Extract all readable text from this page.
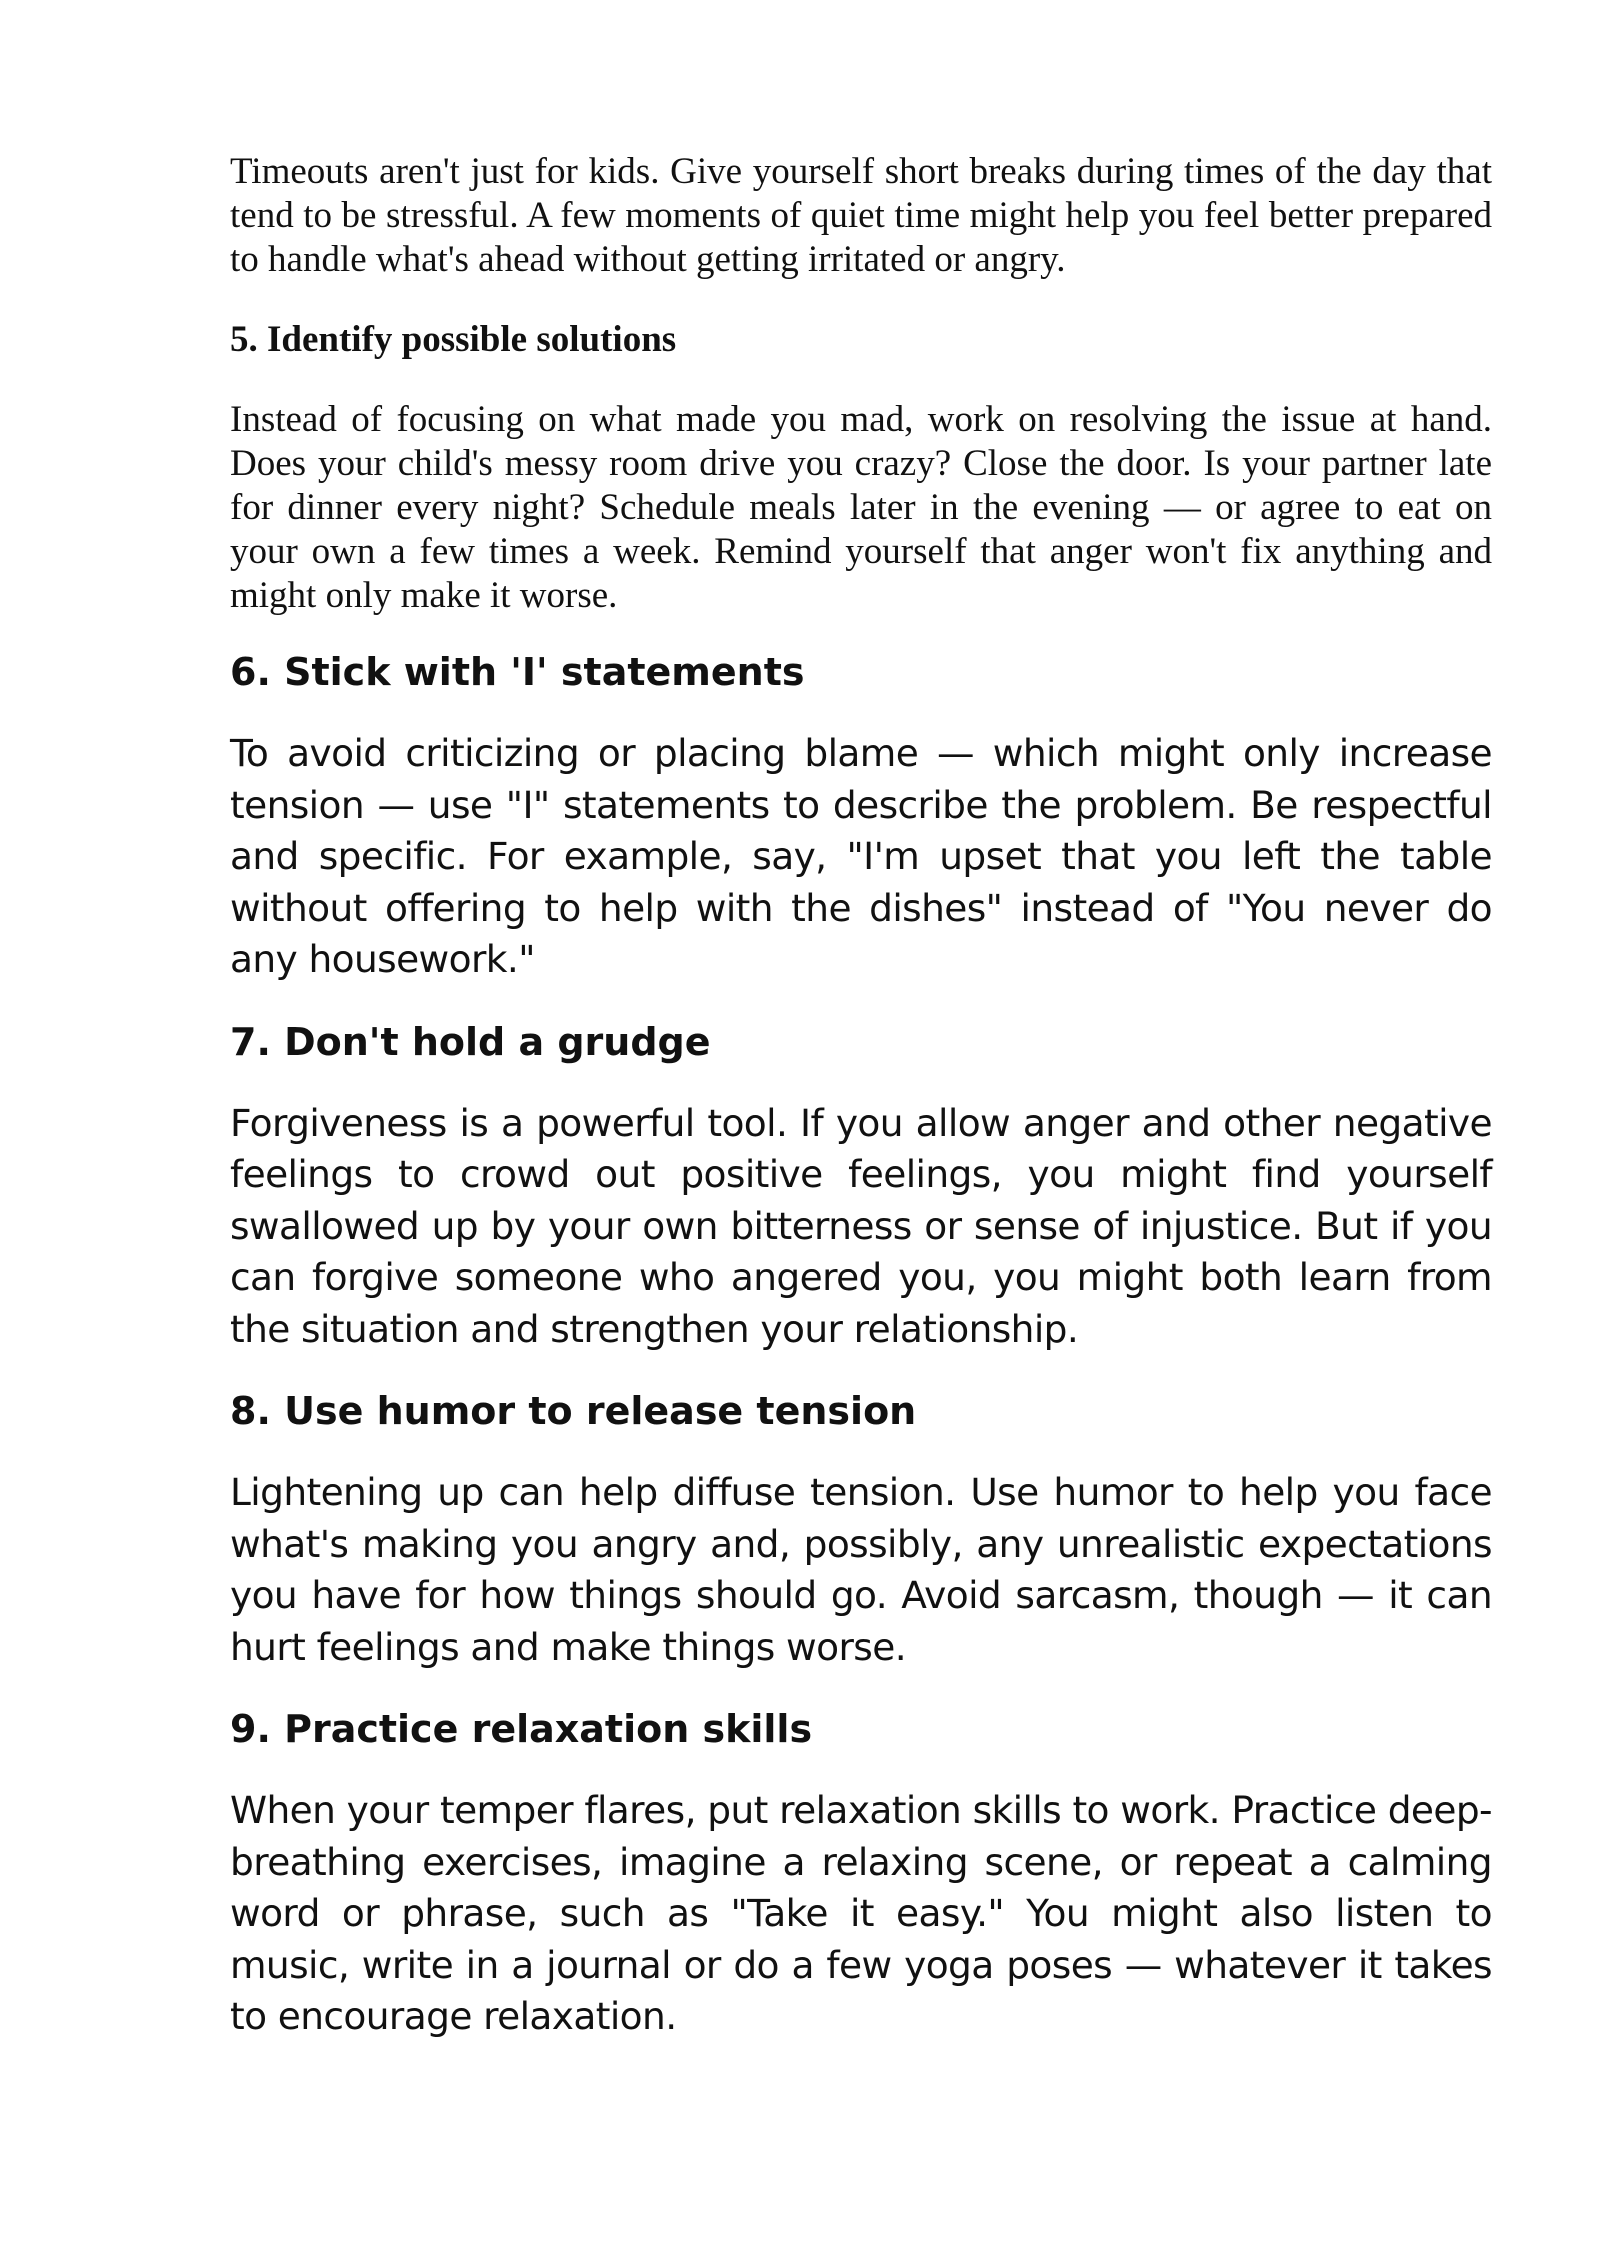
Timeouts aren't just for kids. Give yourself short breaks during times of the day that tend to be stressful. A few moments of quiet time might help you feel better prepared to handle what's ahead without getting irritated or angry.

5. Identify possible solutions

Instead of focusing on what made you mad, work on resolving the issue at hand. Does your child's messy room drive you crazy? Close the door. Is your partner late for dinner every night? Schedule meals later in the evening — or agree to eat on your own a few times a week. Remind yourself that anger won't fix anything and might only make it worse.

6. Stick with 'I' statements

To avoid criticizing or placing blame — which might only increase tension — use "I" statements to describe the problem. Be respectful and specific. For example, say, "I'm upset that you left the table without offering to help with the dishes" instead of "You never do any housework."

7. Don't hold a grudge

Forgiveness is a powerful tool. If you allow anger and other negative feelings to crowd out positive feelings, you might find yourself swallowed up by your own bitterness or sense of injustice. But if you can forgive someone who angered you, you might both learn from the situation and strengthen your relationship.

8. Use humor to release tension

Lightening up can help diffuse tension. Use humor to help you face what's making you angry and, possibly, any unrealistic expectations you have for how things should go. Avoid sarcasm, though — it can hurt feelings and make things worse.

9. Practice relaxation skills

When your temper flares, put relaxation skills to work. Practice deep-breathing exercises, imagine a relaxing scene, or repeat a calming word or phrase, such as "Take it easy." You might also listen to music, write in a journal or do a few yoga poses — whatever it takes to encourage relaxation.
